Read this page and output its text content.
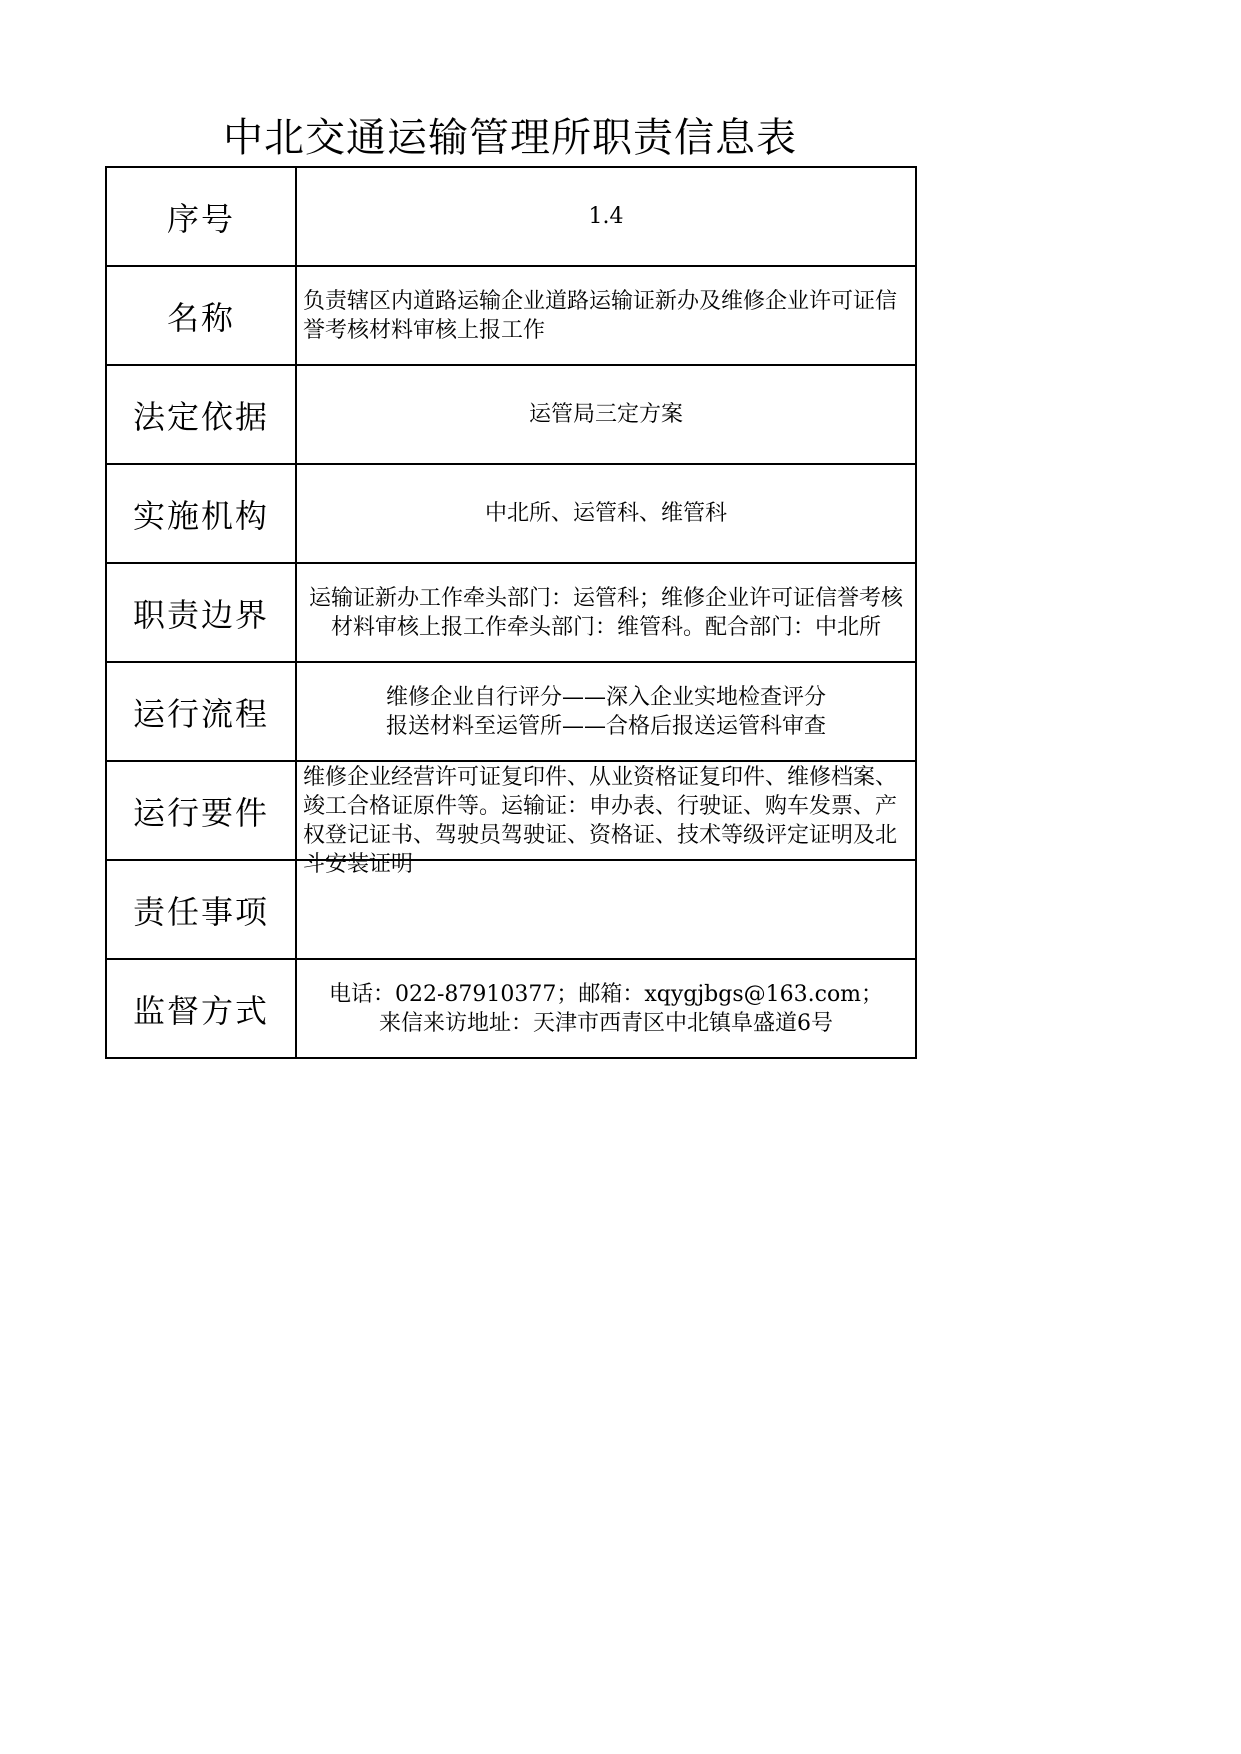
中北交通运输管理所职责信息表
序号	1.4

名称	负责辖区内道路运输企业道路运输证新办及维修企业许可证信誉考核材料审核上报工作

法定依据	运管局三定方案

实施机构	中北所、运管科、维管科

职责边界	运输证新办工作牵头部门：运管科；维修企业许可证信誉考核材料审核上报工作牵头部门：维管科。配合部门：中北所

运行流程	维修企业自行评分——深入企业实地检查评分
报送材料至运管所——合格后报送运管科审查

运行要件	维修企业经营许可证复印件、从业资格证复印件、维修档案、竣工合格证原件等。运输证：申办表、行驶证、购车发票、产权登记证书、驾驶员驾驶证、资格证、技术等级评定证明及北斗安装证明

责任事项	

监督方式	电话：022-87910377；邮箱：xqygjbgs@163.com；
来信来访地址：天津市西青区中北镇阜盛道6号
